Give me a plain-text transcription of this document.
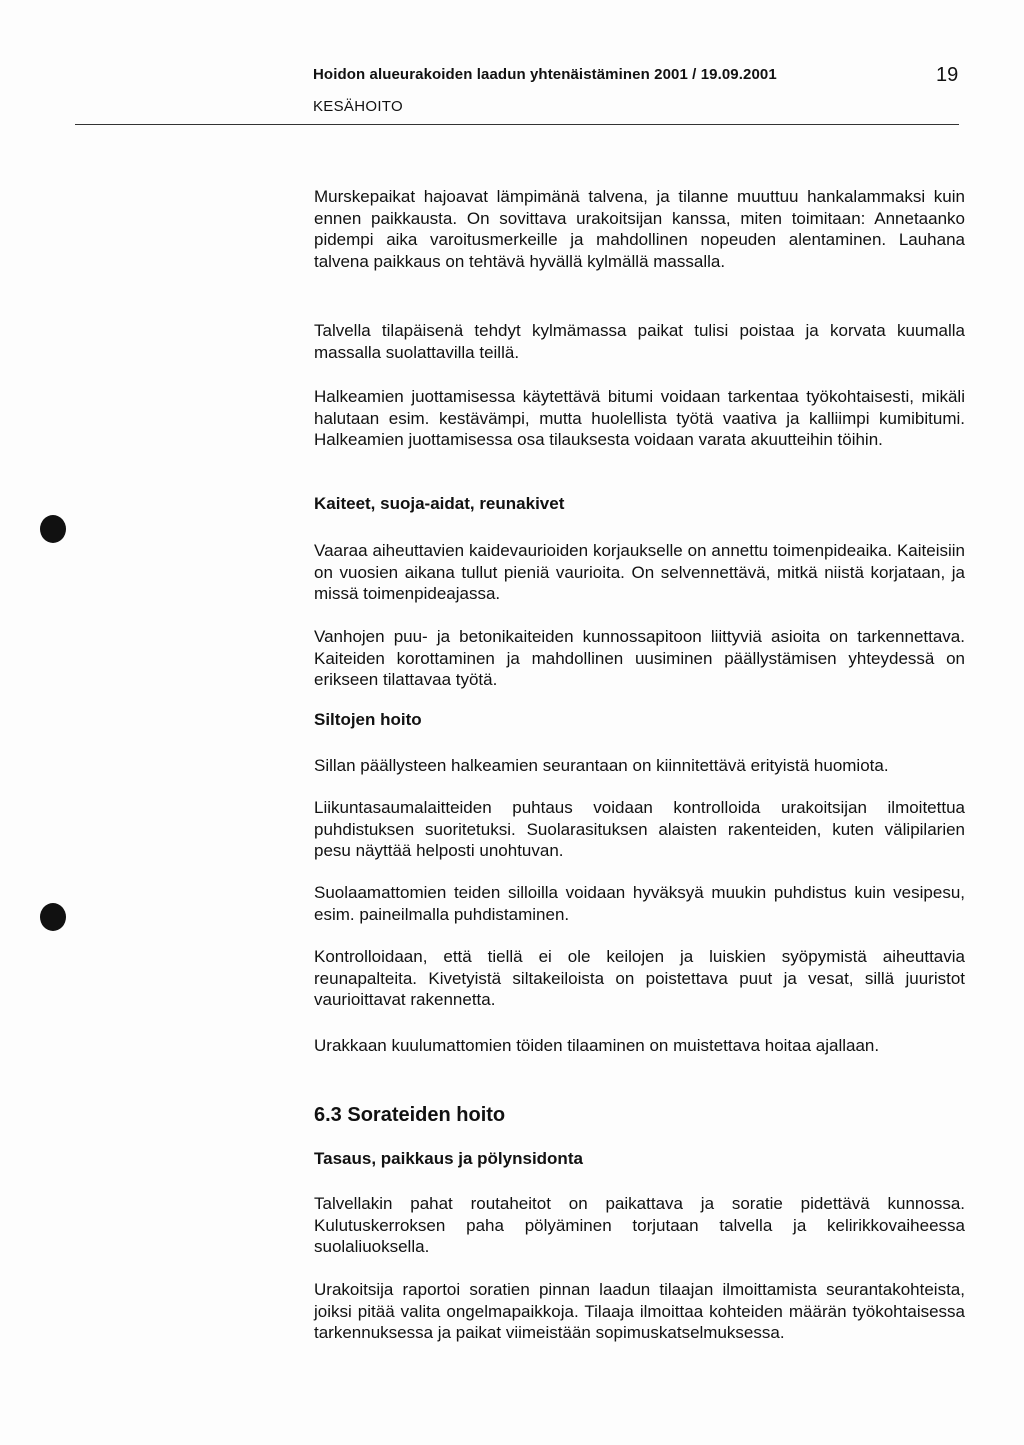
Hoidon alueurakoiden laadun yhtenäistäminen 2001 / 19.09.2001	19
KESÄHOITO

Murskepaikat hajoavat lämpimänä talvena, ja tilanne muuttuu hankalammaksi kuin ennen paikkausta. On sovittava urakoitsijan kanssa, miten toimitaan: Annetaanko pidempi aika varoitusmerkeille ja mahdollinen nopeuden alentaminen. Lauhana talvena paikkaus on tehtävä hyvällä kylmällä massalla.

Talvella tilapäisenä tehdyt kylmämassa paikat tulisi poistaa ja korvata kuumalla massalla suolattavilla teillä.

Halkeamien juottamisessa käytettävä bitumi voidaan tarkentaa työkohtaisesti, mikäli halutaan esim. kestävämpi, mutta huolellista työtä vaativa ja kalliimpi kumibitumi. Halkeamien juottamisessa osa tilauksesta voidaan varata akuutteihin töihin.

Kaiteet, suoja-aidat, reunakivet

Vaaraa aiheuttavien kaidevaurioiden korjaukselle on annettu toimenpideaika. Kaiteisiin on vuosien aikana tullut pieniä vaurioita. On selvennettävä, mitkä niistä korjataan, ja missä toimenpideajassa.

Vanhojen puu- ja betonikaiteiden kunnossapitoon liittyviä asioita on tarkennettava. Kaiteiden korottaminen ja mahdollinen uusiminen päällystämisen yhteydessä on erikseen tilattavaa työtä.

Siltojen hoito

Sillan päällysteen halkeamien seurantaan on kiinnitettävä erityistä huomiota.

Liikuntasaumalaitteiden puhtaus voidaan kontrolloida urakoitsijan ilmoitettua puhdistuksen suoritetuksi. Suolarasituksen alaisten rakenteiden, kuten välipilarien pesu näyttää helposti unohtuvan.

Suolaamattomien teiden silloilla voidaan hyväksyä muukin puhdistus kuin vesipesu, esim. paineilmalla puhdistaminen.

Kontrolloidaan, että tiellä ei ole keilojen ja luiskien syöpymistä aiheuttavia reunapalteita. Kivetyistä siltakeiloista on poistettava puut ja vesat, sillä juuristot vaurioittavat rakennetta.

Urakkaan kuulumattomien töiden tilaaminen on muistettava hoitaa ajallaan.

6.3 Sorateiden hoito

Tasaus, paikkaus ja pölynsidonta

Talvellakin pahat routaheitot on paikattava ja soratie pidettävä kunnossa. Kulutuskerroksen paha pölyäminen torjutaan talvella ja kelirikkovaiheessa suolaliuoksella.

Urakoitsija raportoi soratien pinnan laadun tilaajan ilmoittamista seurantakohteista, joiksi pitää valita ongelmapaikkoja. Tilaaja ilmoittaa kohteiden määrän työkohtaisessa tarkennuksessa ja paikat viimeistään sopimuskatselmuksessa.
